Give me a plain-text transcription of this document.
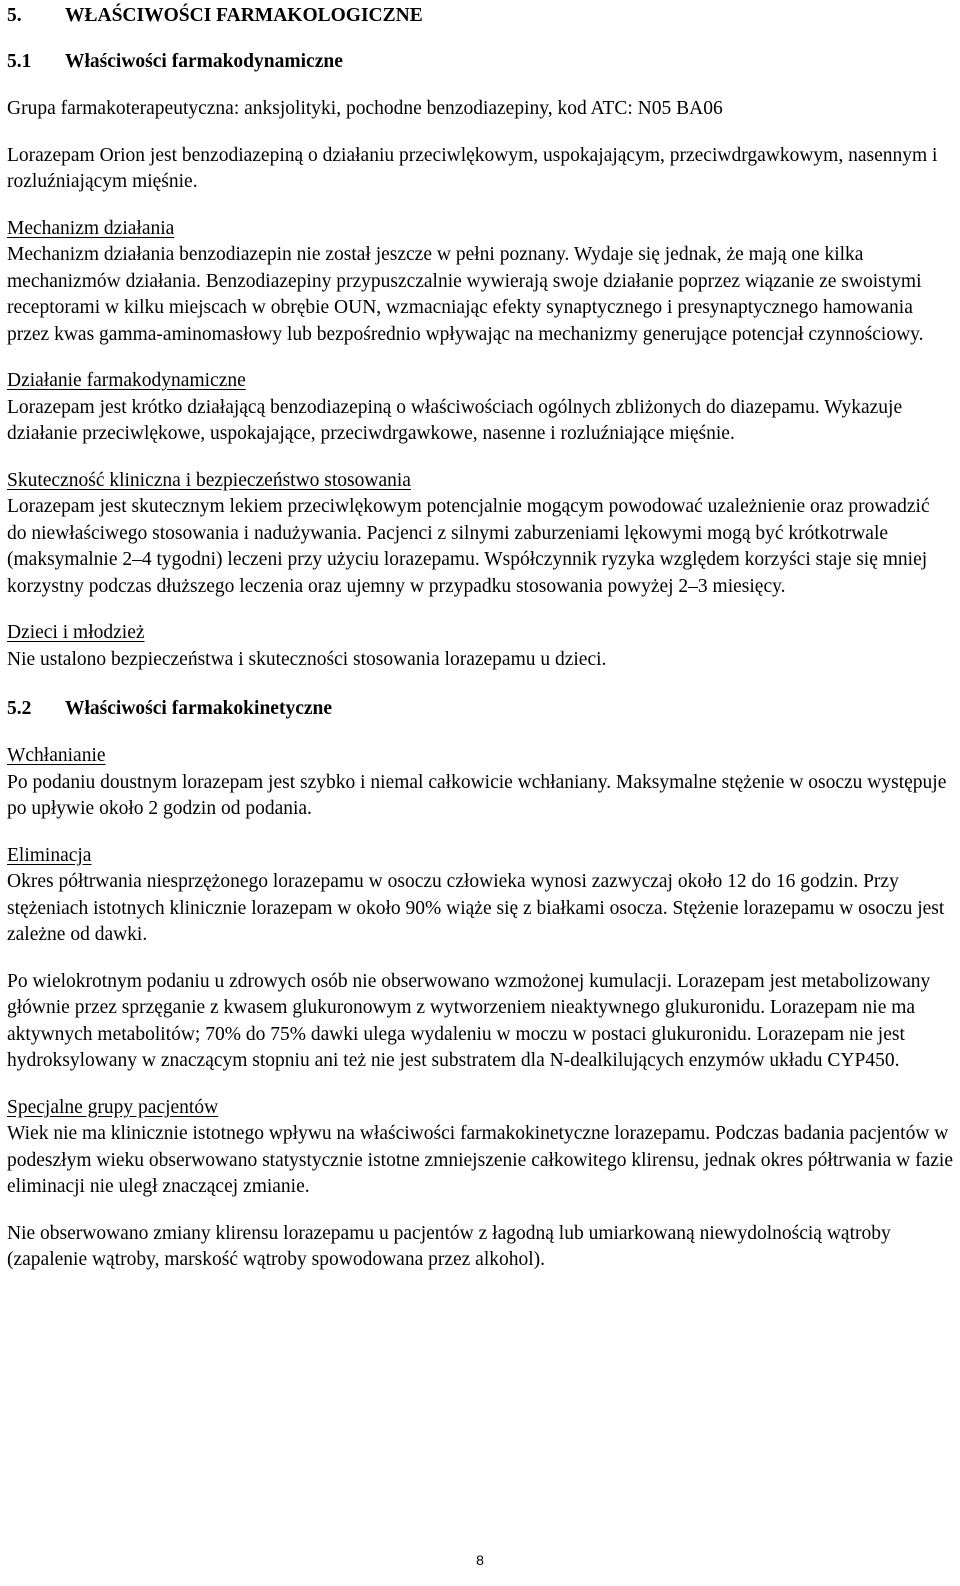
5. WŁAŚCIWOŚCI FARMAKOLOGICZNE
5.1 Właściwości farmakodynamiczne

Grupa farmakoterapeutyczna: anksjolityki, pochodne benzodiazepiny, kod ATC: N05 BA06

Lorazepam Orion jest benzodiazepiną o działaniu przeciwlękowym, uspokajającym, przeciwdrgawkowym, nasennym i rozluźniającym mięśnie.

Mechanizm działania

Mechanizm działania benzodiazepin nie został jeszcze w pełni poznany. Wydaje się jednak, że mają one kilka mechanizmów działania. Benzodiazepiny przypuszczalnie wywierają swoje działanie poprzez wiązanie ze swoistymi receptorami w kilku miejscach w obrębie OUN, wzmacniając efekty synaptycznego i presynaptycznego hamowania przez kwas gamma-aminomasłowy lub bezpośrednio wpływając na mechanizmy generujące potencjał czynnościowy.

Działanie farmakodynamiczne

Lorazepam jest krótko działającą benzodiazepiną o właściwościach ogólnych zbliżonych do diazepamu. Wykazuje działanie przeciwlękowe, uspokajające, przeciwdrgawkowe, nasenne i rozluźniające mięśnie.

Skuteczność kliniczna i bezpieczeństwo stosowania

Lorazepam jest skutecznym lekiem przeciwlękowym potencjalnie mogącym powodować uzależnienie oraz prowadzić do niewłaściwego stosowania i nadużywania. Pacjenci z silnymi zaburzeniami lękowymi mogą być krótkotrwale (maksymalnie 2–4 tygodni) leczeni przy użyciu lorazepamu. Współczynnik ryzyka względem korzyści staje się mniej korzystny podczas dłuższego leczenia oraz ujemny w przypadku stosowania powyżej 2–3 miesięcy.

Dzieci i młodzież

Nie ustalono bezpieczeństwa i skuteczności stosowania lorazepamu u dzieci.

5.2 Właściwości farmakokinetyczne

Wchłanianie

Po podaniu doustnym lorazepam jest szybko i niemal całkowicie wchłaniany. Maksymalne stężenie w osoczu występuje po upływie około 2 godzin od podania.

Eliminacja

Okres półtrwania niesprzężonego lorazepamu w osoczu człowieka wynosi zazwyczaj około 12 do 16 godzin. Przy stężeniach istotnych klinicznie lorazepam w około 90% wiąże się z białkami osocza. Stężenie lorazepamu w osoczu jest zależne od dawki.

Po wielokrotnym podaniu u zdrowych osób nie obserwowano wzmożonej kumulacji. Lorazepam jest metabolizowany głównie przez sprzęganie z kwasem glukuronowym z wytworzeniem nieaktywnego glukuronidu. Lorazepam nie ma aktywnych metabolitów; 70% do 75% dawki ulega wydaleniu w moczu w postaci glukuronidu. Lorazepam nie jest hydroksylowany w znaczącym stopniu ani też nie jest substratem dla N-dealkilujących enzymów układu CYP450.

Specjalne grupy pacjentów

Wiek nie ma klinicznie istotnego wpływu na właściwości farmakokinetyczne lorazepamu. Podczas badania pacjentów w podeszłym wieku obserwowano statystycznie istotne zmniejszenie całkowitego klirensu, jednak okres półtrwania w fazie eliminacji nie uległ znaczącej zmianie.

Nie obserwowano zmiany klirensu lorazepamu u pacjentów z łagodną lub umiarkowaną niewydolnością wątroby (zapalenie wątroby, marskość wątroby spowodowana przez alkohol).

8
